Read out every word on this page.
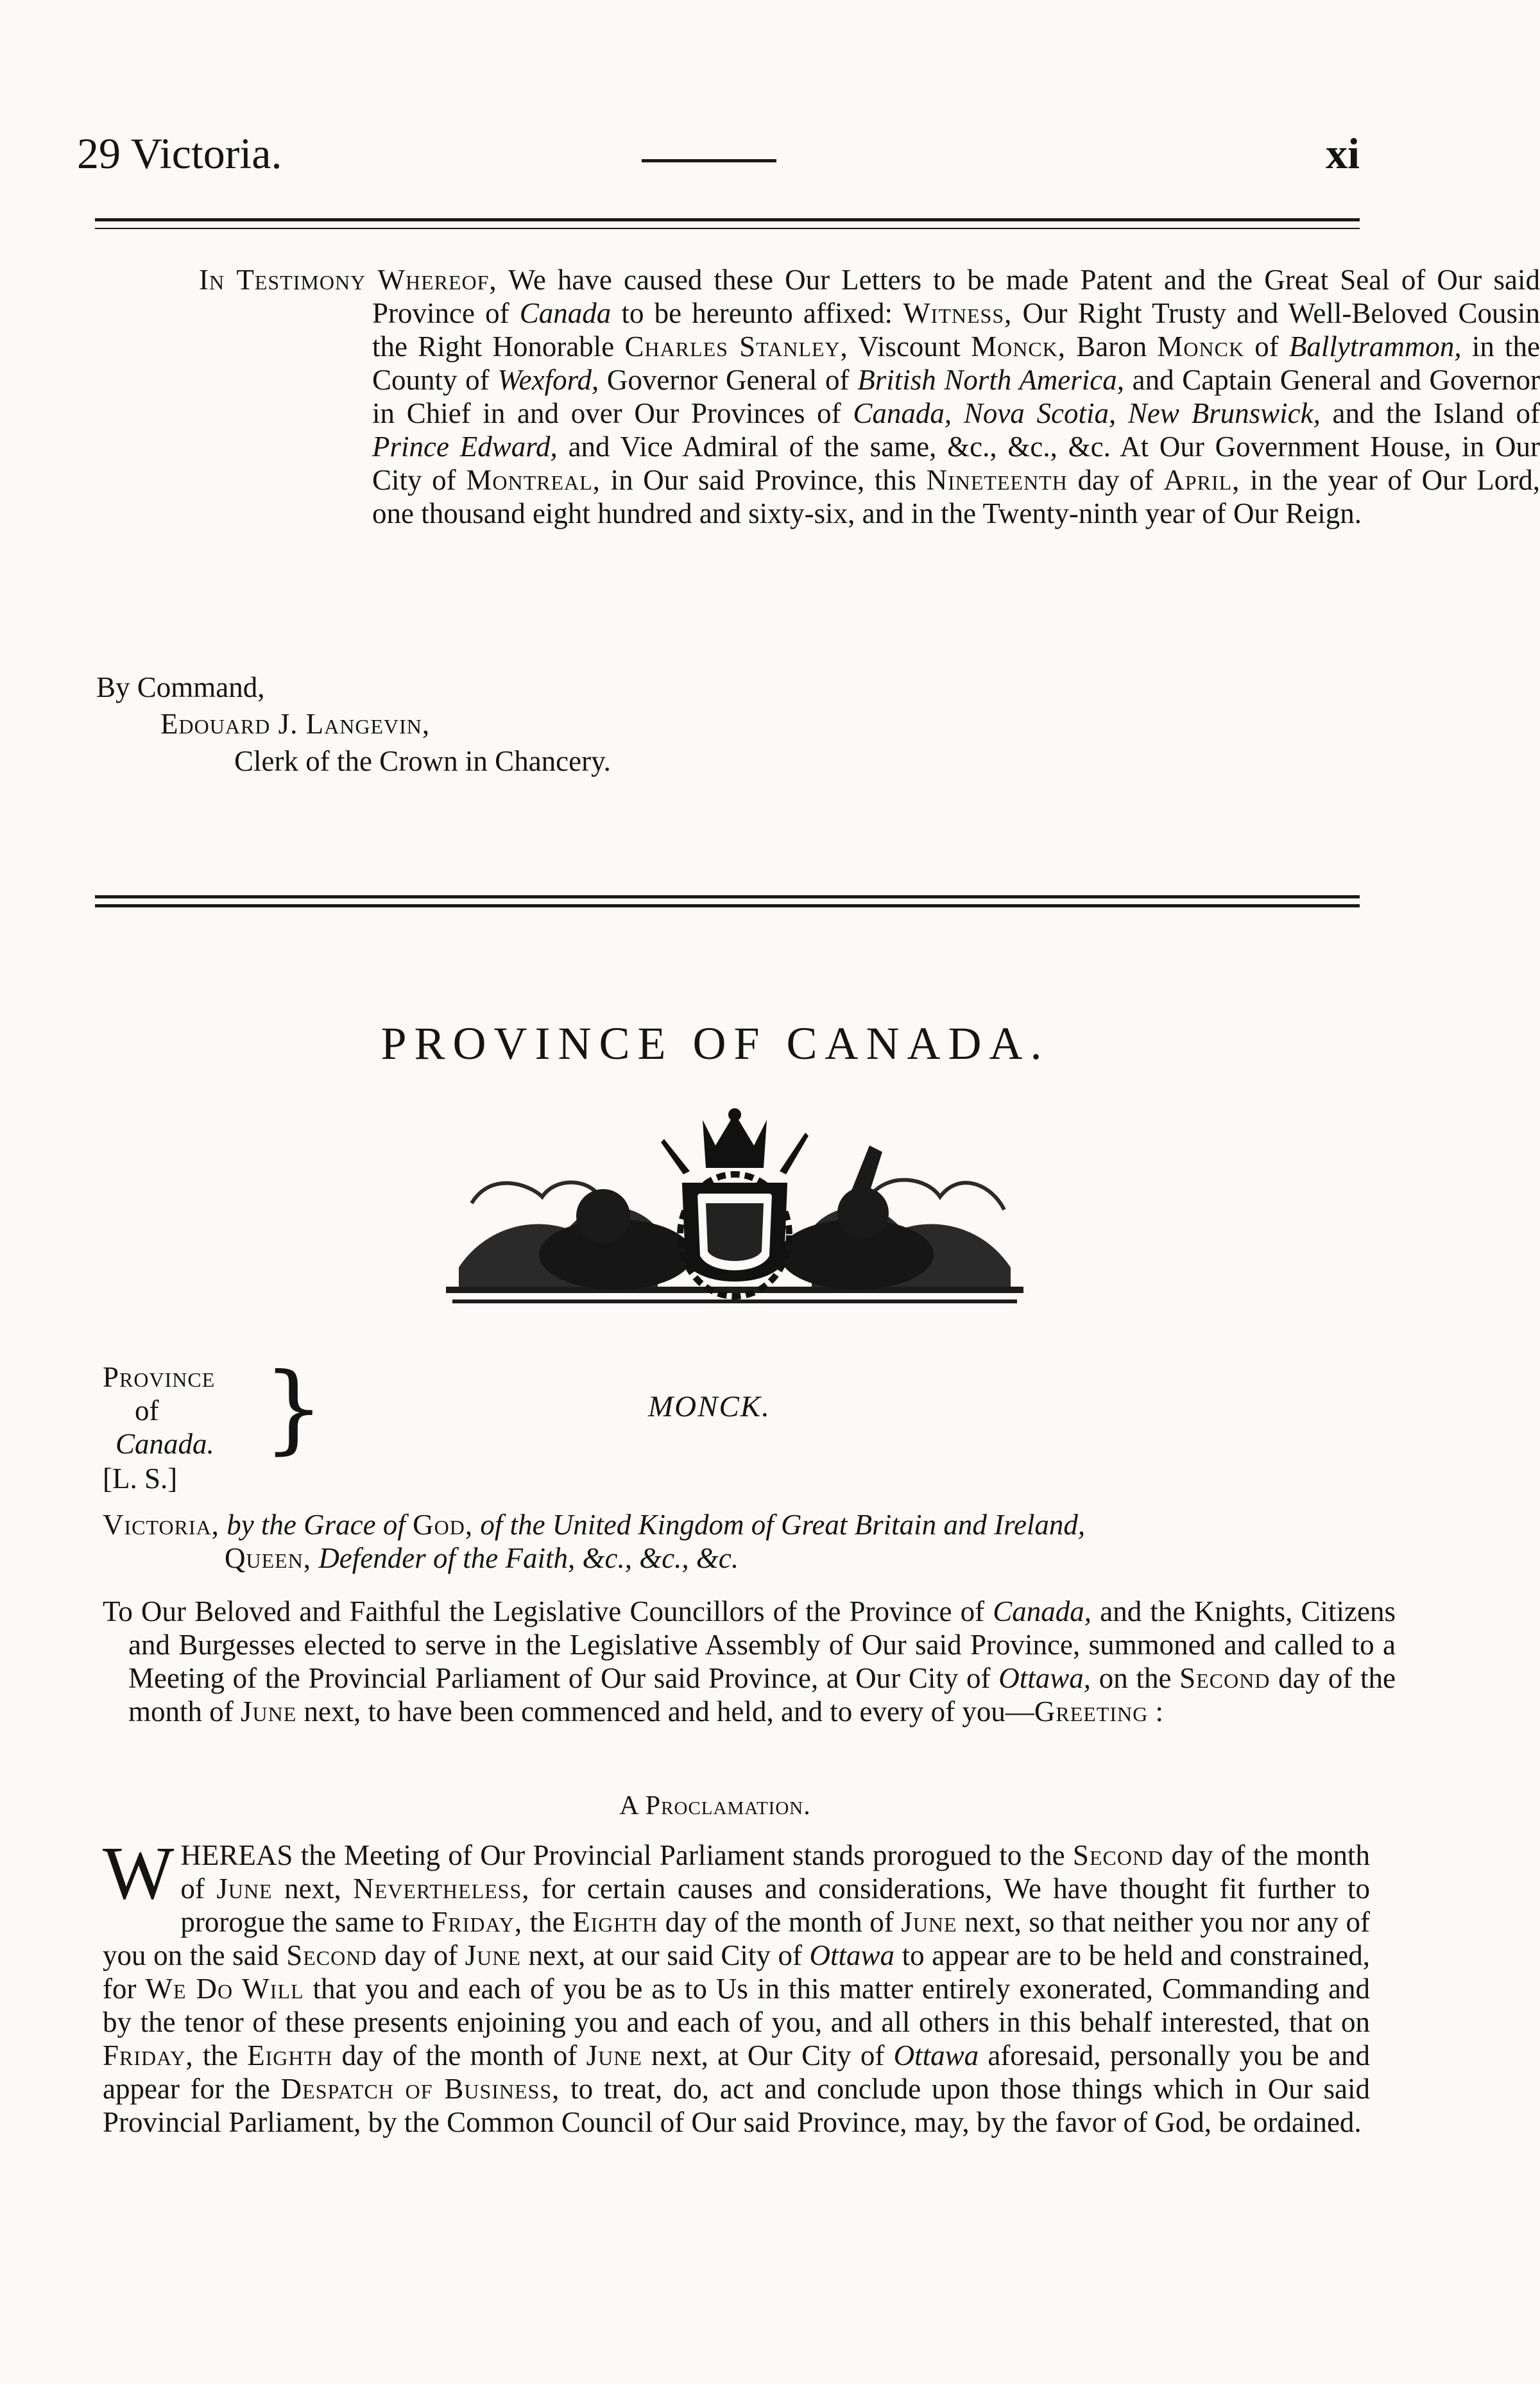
29 Victoria.	xi
In Testimony Whereof, We have caused these Our Letters to be made Patent and the Great Seal of Our said Province of Canada to be hereunto affixed: Witness, Our Right Trusty and Well-Beloved Cousin the Right Honorable Charles Stanley, Viscount Monck, Baron Monck of Ballytrammon, in the County of Wexford, Governor General of British North America, and Captain General and Governor in Chief in and over Our Provinces of Canada, Nova Scotia, New Brunswick, and the Island of Prince Edward, and Vice Admiral of the same, &c., &c., &c. At Our Government House, in Our City of Montreal, in Our said Province, this Nineteenth day of April, in the year of Our Lord, one thousand eight hundred and sixty-six, and in the Twenty-ninth year of Our Reign.
By Command,
Edouard J. Langevin,
Clerk of the Crown in Chancery.
PROVINCE OF CANADA.
Province
of
Canada. }	MONCK.
[L. S.]
Victoria, by the Grace of God, of the United Kingdom of Great Britain and Ireland,
Queen, Defender of the Faith, &c., &c., &c.
To Our Beloved and Faithful the Legislative Councillors of the Province of Canada, and the Knights, Citizens and Burgesses elected to serve in the Legislative Assembly of Our said Province, summoned and called to a Meeting of the Provincial Parliament of Our said Province, at Our City of Ottawa, on the Second day of the month of June next, to have been commenced and held, and to every of you—Greeting :
A Proclamation.
WHEREAS the Meeting of Our Provincial Parliament stands prorogued to the Second day of the month of June next, Nevertheless, for certain causes and considerations, We have thought fit further to prorogue the same to Friday, the Eighth day of the month of June next, so that neither you nor any of you on the said Second day of June next, at our said City of Ottawa to appear are to be held and constrained, for We Do Will that you and each of you be as to Us in this matter entirely exonerated, Commanding and by the tenor of these presents enjoining you and each of you, and all others in this behalf interested, that on Friday, the Eighth day of the month of June next, at Our City of Ottawa aforesaid, personally you be and appear for the Despatch of Business, to treat, do, act and conclude upon those things which in Our said Provincial Parliament, by the Common Council of Our said Province, may, by the favor of God, be ordained.
